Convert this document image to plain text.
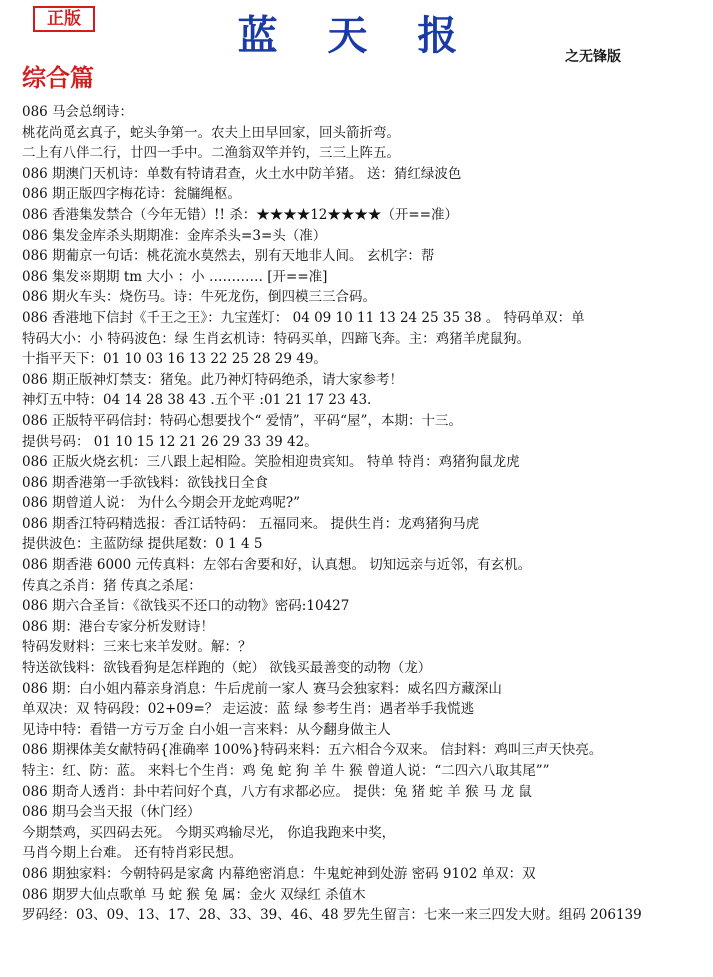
正版	蓝 天 报	之无锋版
综合篇
086 马会总纲诗：
桃花尚觅玄真子，蛇头争第一。农夫上田早回家，回头箭折弯。
二上有八伴二行，廿四一手中。二渔翁双竿并钓，三三上阵五。
086 期澳门天机诗：单数有特请君查，火土水中防羊猪。 送：猜红绿波色
086 期正版四字梅花诗：瓮牖绳枢。
086 香港集发禁合（今年无错）!! 杀：★★★★12★★★★（开==准）
086 集发金库杀头期期准：金库杀头=3=头（准）
086 期葡京一句话：桃花流水莫然去，别有天地非人间。 玄机字：帮
086 集发※期期 tm 大小 ：小 ………… [开==准]
086 期火车头：烧伤马。诗：牛死龙伤，倒四模三三合码。
086 香港地下信封《千王之王》：九宝莲灯： 04 09 10 11 13 24 25 35 38 。 特码单双：单
特码大小：小 特码波色：绿 生肖玄机诗：特码买单，四蹄飞奔。主：鸡猪羊虎鼠狗。
十指平天下：01 10 03 16 13 22 25 28 29 49。
086 期正版神灯禁支：猪兔。此乃神灯特码绝杀，请大家参考！
神灯五中特：04 14 28 38 43 .五个平 :01 21 17 23 43.
086 正版特平码信封：特码心想要找个“ 爱情”，平码“屋”，本期：十三。
提供号码： 01 10 15 12 21 26 29 33 39 42。
086 正版火烧玄机：三八跟上起相险。笑脸相迎贵宾知。 特单 特肖：鸡猪狗鼠龙虎
086 期香港第一手欲钱料：欲钱找日全食
086 期曾道人说： 为什么今期会开龙蛇鸡呢?”
086 期香江特码精选报：香江话特码： 五福同来。 提供生肖：龙鸡猪狗马虎
提供波色：主蓝防绿 提供尾数：0 1 4 5
086 期香港 6000 元传真料：左邻右舍要和好，认真想。 切知远亲与近邻，有玄机。
传真之杀肖：猪 传真之杀尾：
086 期六合圣旨：《欲钱买不还口的动物》密码:10427
086 期：港台专家分析发财诗！
特码发财料：三来七来羊发财。解：？
特送欲钱料：欲钱看狗是怎样跑的（蛇） 欲钱买最善变的动物（龙）
086 期：白小姐内幕亲身消息：牛后虎前一家人 赛马会独家料：威名四方藏深山
单双决：双 特码段：02+09=？ 走运波：蓝 绿 参考生肖：遇者举手我慌逃
见诗中特：看错一方亏万金 白小姐一言来料：从今翻身做主人
086 期裸体美女献特码{准确率 100%}特码来料：五六相合今双来。 信封料：鸡叫三声天快亮。
特主：红、防：蓝。 来料七个生肖：鸡 兔 蛇 狗 羊 牛 猴 曾道人说：“二四六八取其尾””
086 期奇人透肖：卦中若问好个真，八方有求都必应。 提供：兔 猪 蛇 羊 猴 马 龙 鼠
086 期马会当天报（休门经）
今期禁鸡，买四码去死。 今期买鸡输尽光， 你追我跑来中奖，
马肖今期上台难。 还有特肖彩民想。
086 期独家料：今朝特码是家禽 内幕绝密消息：牛鬼蛇神到处游 密码 9102 单双：双
086 期罗大仙点歌单 马 蛇 猴 兔 属：金火 双绿红 杀值木
罗码经：03、09、13、17、28、33、39、46、48 罗先生留言：七来一来三四发大财。组码 206139
